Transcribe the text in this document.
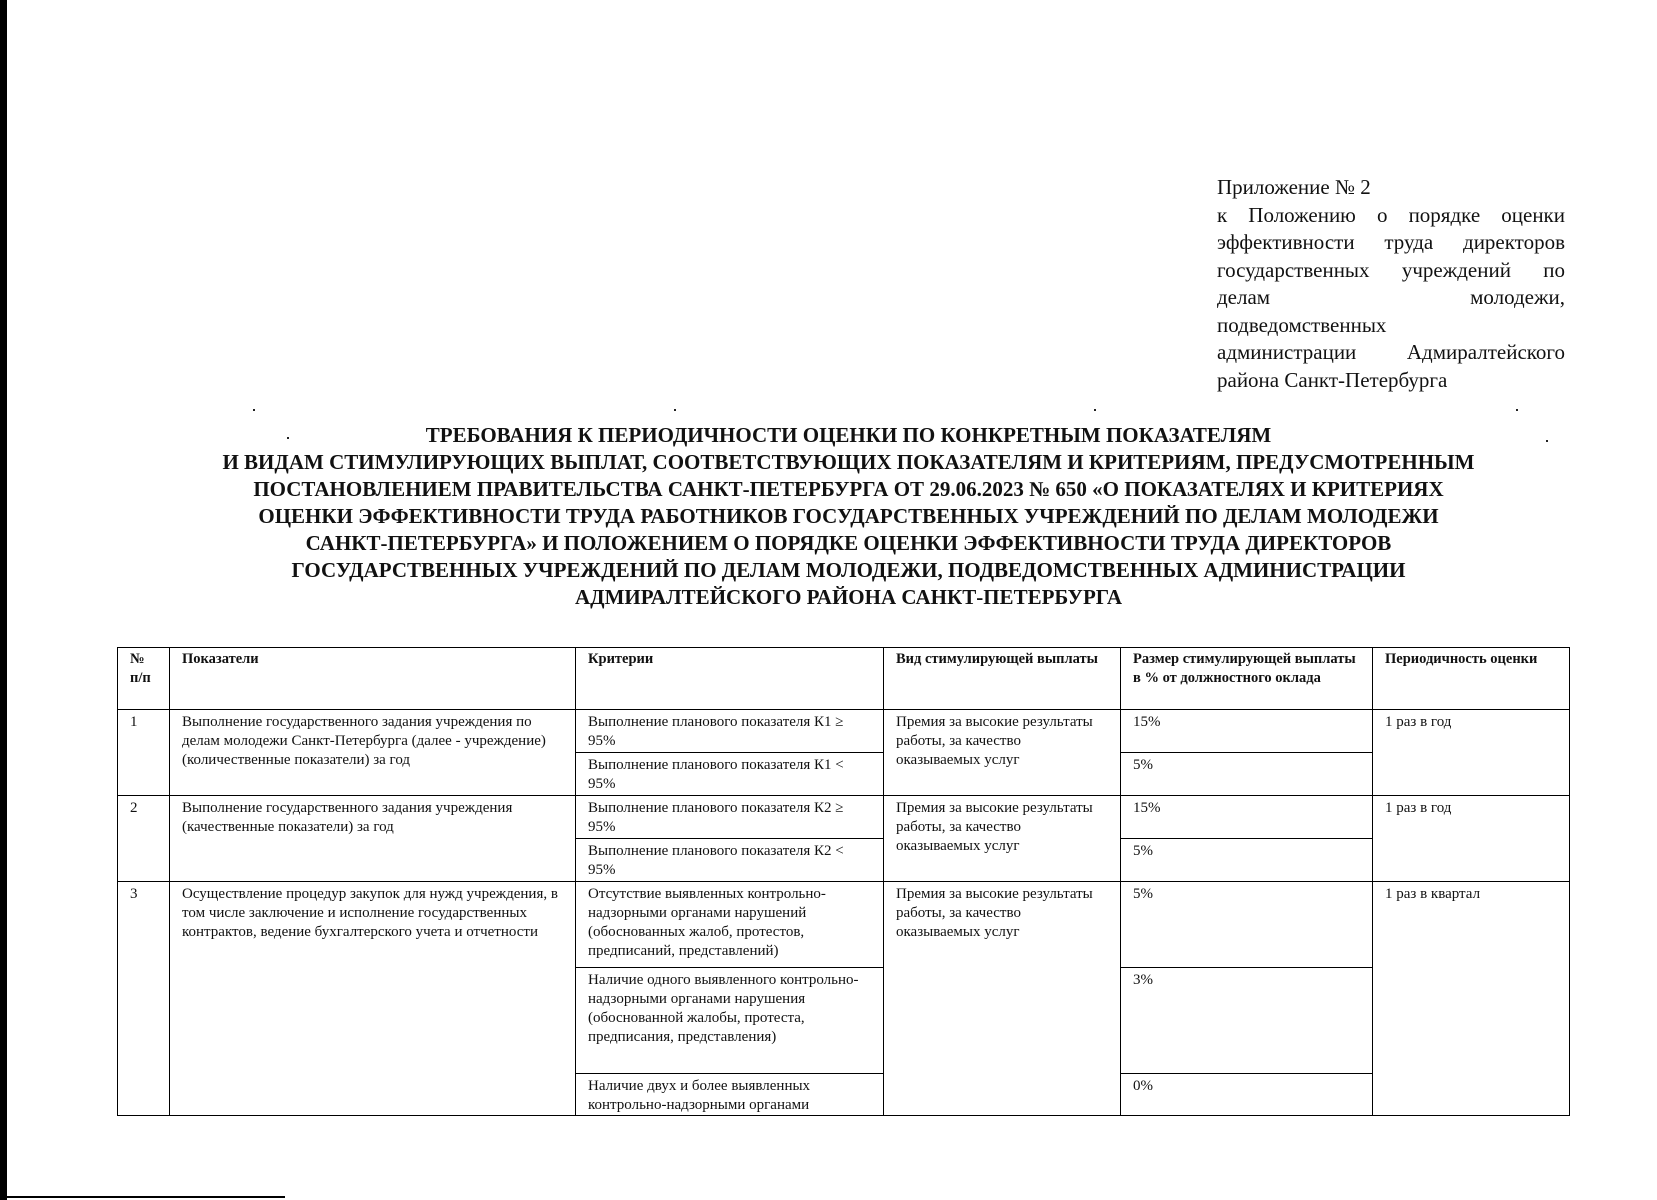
Приложение № 2
к Положению о порядке оценки
эффективности труда директоров
государственных учреждений по
делам молодежи,
подведомственных
администрации Адмиралтейского
района Санкт-Петербурга
ТРЕБОВАНИЯ К ПЕРИОДИЧНОСТИ ОЦЕНКИ ПО КОНКРЕТНЫМ ПОКАЗАТЕЛЯМ
И ВИДАМ СТИМУЛИРУЮЩИХ ВЫПЛАТ, СООТВЕТСТВУЮЩИХ ПОКАЗАТЕЛЯМ И КРИТЕРИЯМ, ПРЕДУСМОТРЕННЫМ
ПОСТАНОВЛЕНИЕМ ПРАВИТЕЛЬСТВА САНКТ-ПЕТЕРБУРГА ОТ 29.06.2023 № 650 «О ПОКАЗАТЕЛЯХ И КРИТЕРИЯХ
ОЦЕНКИ ЭФФЕКТИВНОСТИ ТРУДА РАБОТНИКОВ ГОСУДАРСТВЕННЫХ УЧРЕЖДЕНИЙ ПО ДЕЛАМ МОЛОДЕЖИ
САНКТ-ПЕТЕРБУРГА» И ПОЛОЖЕНИЕМ О ПОРЯДКЕ ОЦЕНКИ ЭФФЕКТИВНОСТИ ТРУДА ДИРЕКТОРОВ
ГОСУДАРСТВЕННЫХ УЧРЕЖДЕНИЙ ПО ДЕЛАМ МОЛОДЕЖИ, ПОДВЕДОМСТВЕННЫХ АДМИНИСТРАЦИИ
АДМИРАЛТЕЙСКОГО РАЙОНА САНКТ-ПЕТЕРБУРГА
№ п/п	Показатели	Критерии	Вид стимулирующей выплаты	Размер стимулирующей выплаты в % от должностного оклада	Периодичность оценки
1	Выполнение государственного задания учреждения по делам молодежи Санкт-Петербурга (далее - учреждение) (количественные показатели) за год	Выполнение планового показателя К1 ≥ 95%	Премия за высокие результаты работы, за качество оказываемых услуг	15%	1 раз в год
		Выполнение планового показателя К1 < 95%		5%	
2	Выполнение государственного задания учреждения (качественные показатели) за год	Выполнение планового показателя К2 ≥ 95%	Премия за высокие результаты работы, за качество оказываемых услуг	15%	1 раз в год
		Выполнение планового показателя К2 < 95%		5%	
3	Осуществление процедур закупок для нужд учреждения, в том числе заключение и исполнение государственных контрактов, ведение бухгалтерского учета и отчетности	Отсутствие выявленных контрольно-надзорными органами нарушений (обоснованных жалоб, протестов, предписаний, представлений)	Премия за высокие результаты работы, за качество оказываемых услуг	5%	1 раз в квартал
		Наличие одного выявленного контрольно-надзорными органами нарушения (обоснованной жалобы, протеста, предписания, представления)		3%	

		Наличие двух и более выявленных контрольно-надзорными органами		0%	
